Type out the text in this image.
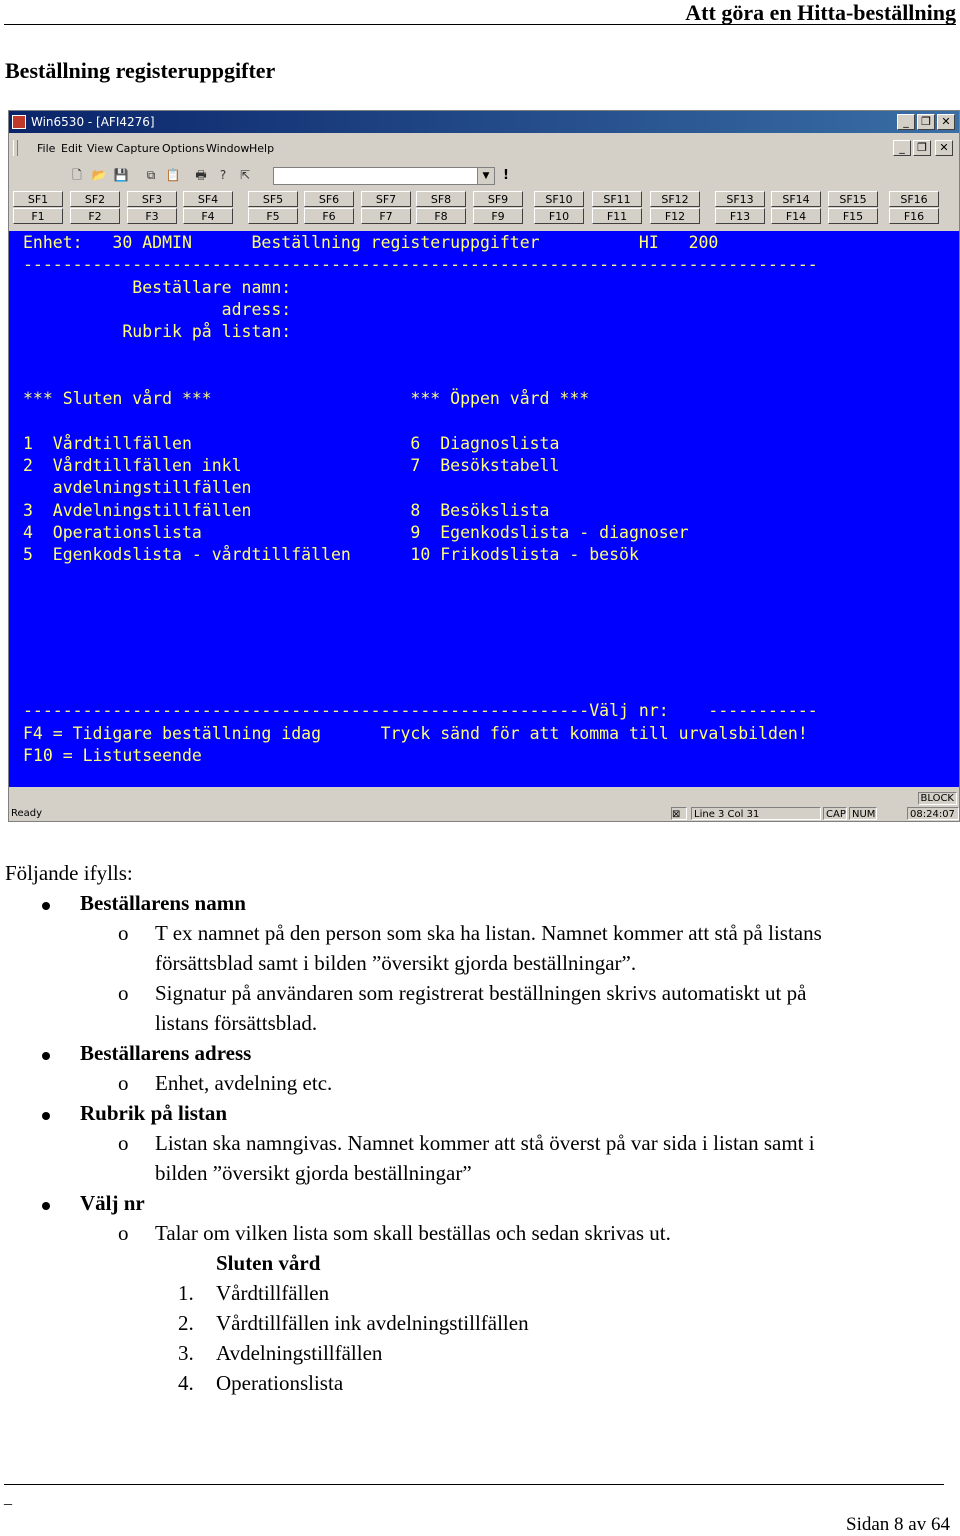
Att göra en Hitta-beställning
Beställning registeruppgifter
Win6530 - [AFI4276]	_	❐ ✕
File Edit View Capture Options Window Help	_	❐	✕
🗋 📂 💾	⧉ 📋 🖶	?	⇱	▼	!
SF1	SF2	SF3	SF4	SF5	SF6	SF7	SF8	SF9	SF10	SF11	SF12	SF13	SF14	SF15	SF16
F1	F2	F3	F4	F5	F6	F7	F8	F9	F10	F11	F12	F13	F14	F15	F16
Enhet:   30 ADMIN      Beställning registeruppgifter          HI   200
--------------------------------------------------------------------------------
Beställare namn:
adress:
Rubrik på listan:
*** Sluten vård ***                    *** Öppen vård ***
1  Vårdtillfällen                      6  Diagnoslista
2  Vårdtillfällen inkl                 7  Besökstabell
avdelningstillfällen
3  Avdelningstillfällen                8  Besökslista
4  Operationslista                     9  Egenkodslista - diagnoser
5  Egenkodslista - vårdtillfällen      10 Frikodslista - besök
---------------------------------------------------------Välj nr:    -----------
F4 = Tidigare beställning idag      Tryck sänd för att komma till urvalsbilden!
F10 = Listutseende
BLOCK
Ready	⊠	Line 3 Col 31	CAP NUM	08:24:07
Följande ifylls:
Beställarens namn
o T ex namnet på den person som ska ha listan. Namnet kommer att stå på listans
försättsblad samt i bilden ”översikt gjorda beställningar”.
o Signatur på användaren som registrerat beställningen skrivs automatiskt ut på
listans försättsblad.
Beställarens adress
o Enhet, avdelning etc.
Rubrik på listan
o Listan ska namngivas. Namnet kommer att stå överst på var sida i listan samt i
bilden ”översikt gjorda beställningar”
Välj nr
o Talar om vilken lista som skall beställas och sedan skrivas ut.
Sluten vård
1. Vårdtillfällen
2. Vårdtillfällen ink avdelningstillfällen
3. Avdelningstillfällen
4. Operationslista
_
Sidan 8 av 64
